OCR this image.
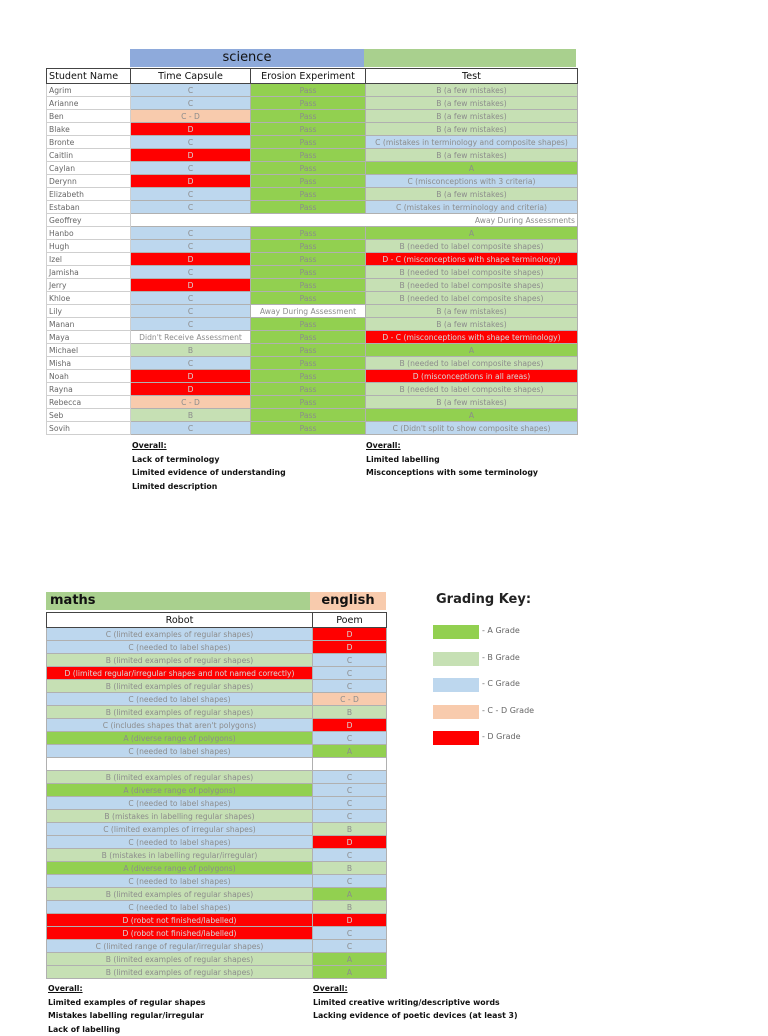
science
Student Name	Time Capsule	Erosion Experiment	Test
Agrim	C	Pass	B (a few mistakes)
Arianne	C	Pass	B (a few mistakes)
Ben	C - D	Pass	B (a few mistakes)
Blake	D	Pass	B (a few mistakes)
Bronte	C	Pass	C (mistakes in terminology and composite shapes)
Caitlin	D	Pass	B (a few mistakes)
Caylan	C	Pass	A
Derynn	D	Pass	C (misconceptions with 3 criteria)
Elizabeth	C	Pass	B (a few mistakes)
Estaban	C	Pass	C (mistakes in terminology and criteria)
Geoffrey	Away During Assessments		
Hanbo	C	Pass	A
Hugh	C	Pass	B (needed to label composite shapes)
Izel	D	Pass	D - C (misconceptions with shape terminology)
Jamisha	C	Pass	B (needed to label composite shapes)
Jerry	D	Pass	B (needed to label composite shapes)
Khloe	C	Pass	B (needed to label composite shapes)
Lily	C	Away During Assessment	B (a few mistakes)
Manan	C	Pass	B (a few mistakes)
Maya	Didn't Receive Assessment	Pass	D - C (misconceptions with shape terminology)
Michael	B	Pass	A
Misha	C	Pass	B (needed to label composite shapes)
Noah	D	Pass	D (misconceptions in all areas)
Rayna	D	Pass	B (needed to label composite shapes)
Rebecca	C - D	Pass	B (a few mistakes)
Seb	B	Pass	A
Sovih	C	Pass	C (Didn't split to show composite shapes)
Overall:
Lack of terminology
Limited evidence of understanding
Limited description
Overall:
Limited labelling
Misconceptions with some terminology
maths	english
Robot	Poem
C (limited examples of regular shapes)	D
C (needed to label shapes)	D
B (limited examples of regular shapes)	C
D (limited regular/irregular shapes and not named correctly)	C
B (limited examples of regular shapes)	C
C (needed to label shapes)	C - D
B (limited examples of regular shapes)	B
C (includes shapes that aren't polygons)	D
A (diverse range of polygons)	C
C (needed to label shapes)	A

B (limited examples of regular shapes)	C
A (diverse range of polygons)	C
C (needed to label shapes)	C
B (mistakes in labelling regular shapes)	C
C (limited examples of irregular shapes)	B
C (needed to label shapes)	D
B (mistakes in labelling regular/irregular)	C
A (diverse range of polygons)	B
C (needed to label shapes)	C
B (limited examples of regular shapes)	A
C (needed to label shapes)	B
D (robot not finished/labelled)	D
D (robot not finished/labelled)	C
C (limited range of regular/irregular shapes)	C
B (limited examples of regular shapes)	A
B (limited examples of regular shapes)	A
Overall:
Limited examples of regular shapes
Mistakes labelling regular/irregular
Lack of labelling
Overall:
Limited creative writing/descriptive words
Lacking evidence of poetic devices (at least 3)
Grading Key:
- A Grade
- B Grade
- C Grade
- C - D Grade
- D Grade
